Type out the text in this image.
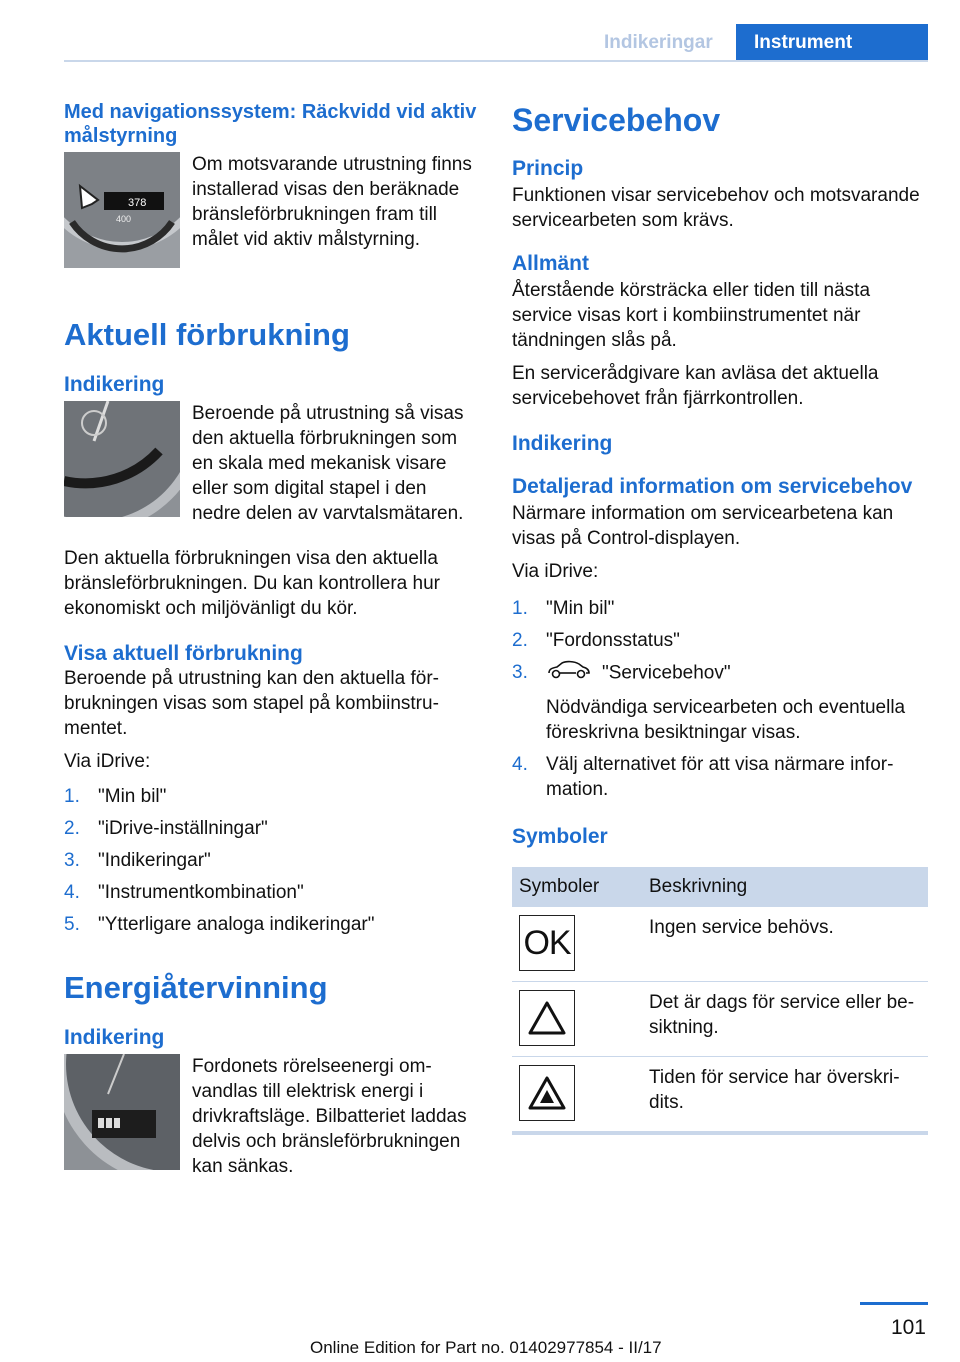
Indikeringar	Instrument
Med navigationssystem: Räckvidd vid aktiv målstyrning
378
400
Om motsvarande utrustning finns installerad visas den beräknade bränsleförbrukningen fram till målet vid aktiv målstyrning.
Aktuell förbrukning
Indikering
Beroende på utrustning så visas den aktuella förbrukningen som en skala med mekanisk visare eller som digital stapel i den nedre delen av varvtalsmätaren.
Den aktuella förbrukningen visa den aktuella bränsleförbrukningen. Du kan kontrollera hur ekonomiskt och miljövänligt du kör.
Visa aktuell förbrukning
Beroende på utrustning kan den aktuella förbrukningen visas som stapel på kombiinstrumentet.
Via iDrive:
1. "Min bil"
2. "iDrive-inställningar"
3. "Indikeringar"
4. "Instrumentkombination"
5. "Ytterligare analoga indikeringar"
Energiåtervinning
Indikering
Fordonets rörelseenergi omvandlas till elektrisk energi i drivkraftsläge. Bilbatteriet laddas delvis och bränsleförbrukningen kan sänkas.
Servicebehov
Princip
Funktionen visar servicebehov och motsvarande servicearbeten som krävs.
Allmänt
Återstående körsträcka eller tiden till nästa service visas kort i kombiinstrumentet när tändningen slås på.
En servicerådgivare kan avläsa det aktuella servicebehovet från fjärrkontrollen.
Indikering
Detaljerad information om servicebehov
Närmare information om servicearbetena kan visas på Control-displayen.
Via iDrive:
1. "Min bil"
2. "Fordonsstatus"
3.	"Servicebehov"
Nödvändiga servicearbeten och eventuella föreskrivna besiktningar visas.
4. Välj alternativet för att visa närmare information.
Symboler
Symboler	Beskrivning

OK	Ingen service behövs.

	Det är dags för service eller besiktning.

	Tiden för service har överskridits.
101
Online Edition for Part no. 01402977854 - II/17
